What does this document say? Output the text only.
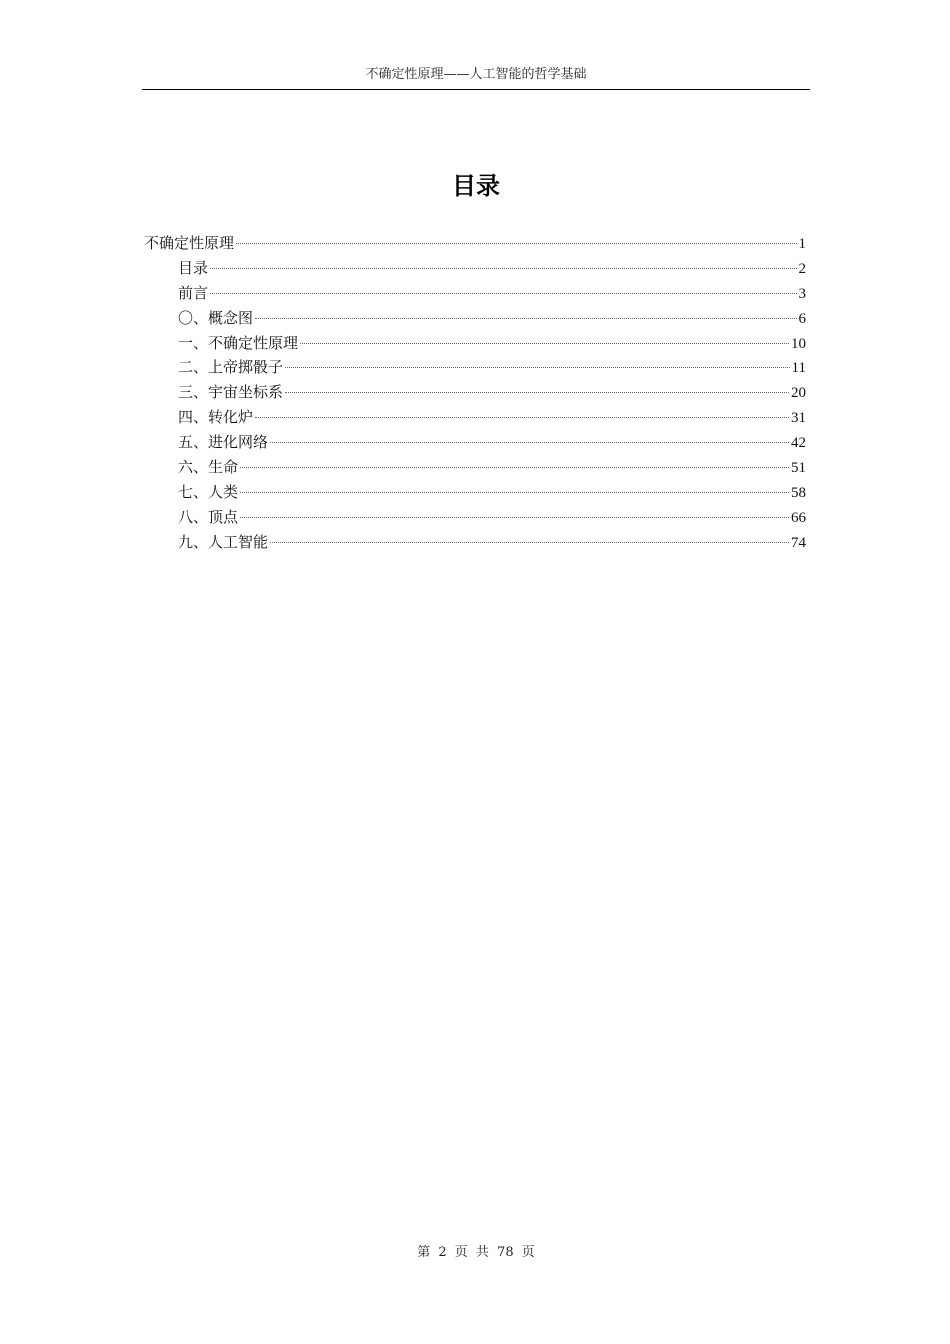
不确定性原理——人工智能的哲学基础
目录
不确定性原理	1
目录	2
前言	3
〇、概念图	6
一、不确定性原理	10
二、上帝掷骰子	11
三、宇宙坐标系	20
四、转化炉	31
五、进化网络	42
六、生命	51
七、人类	58
八、顶点	66
九、人工智能	74
第 2 页 共 78 页
